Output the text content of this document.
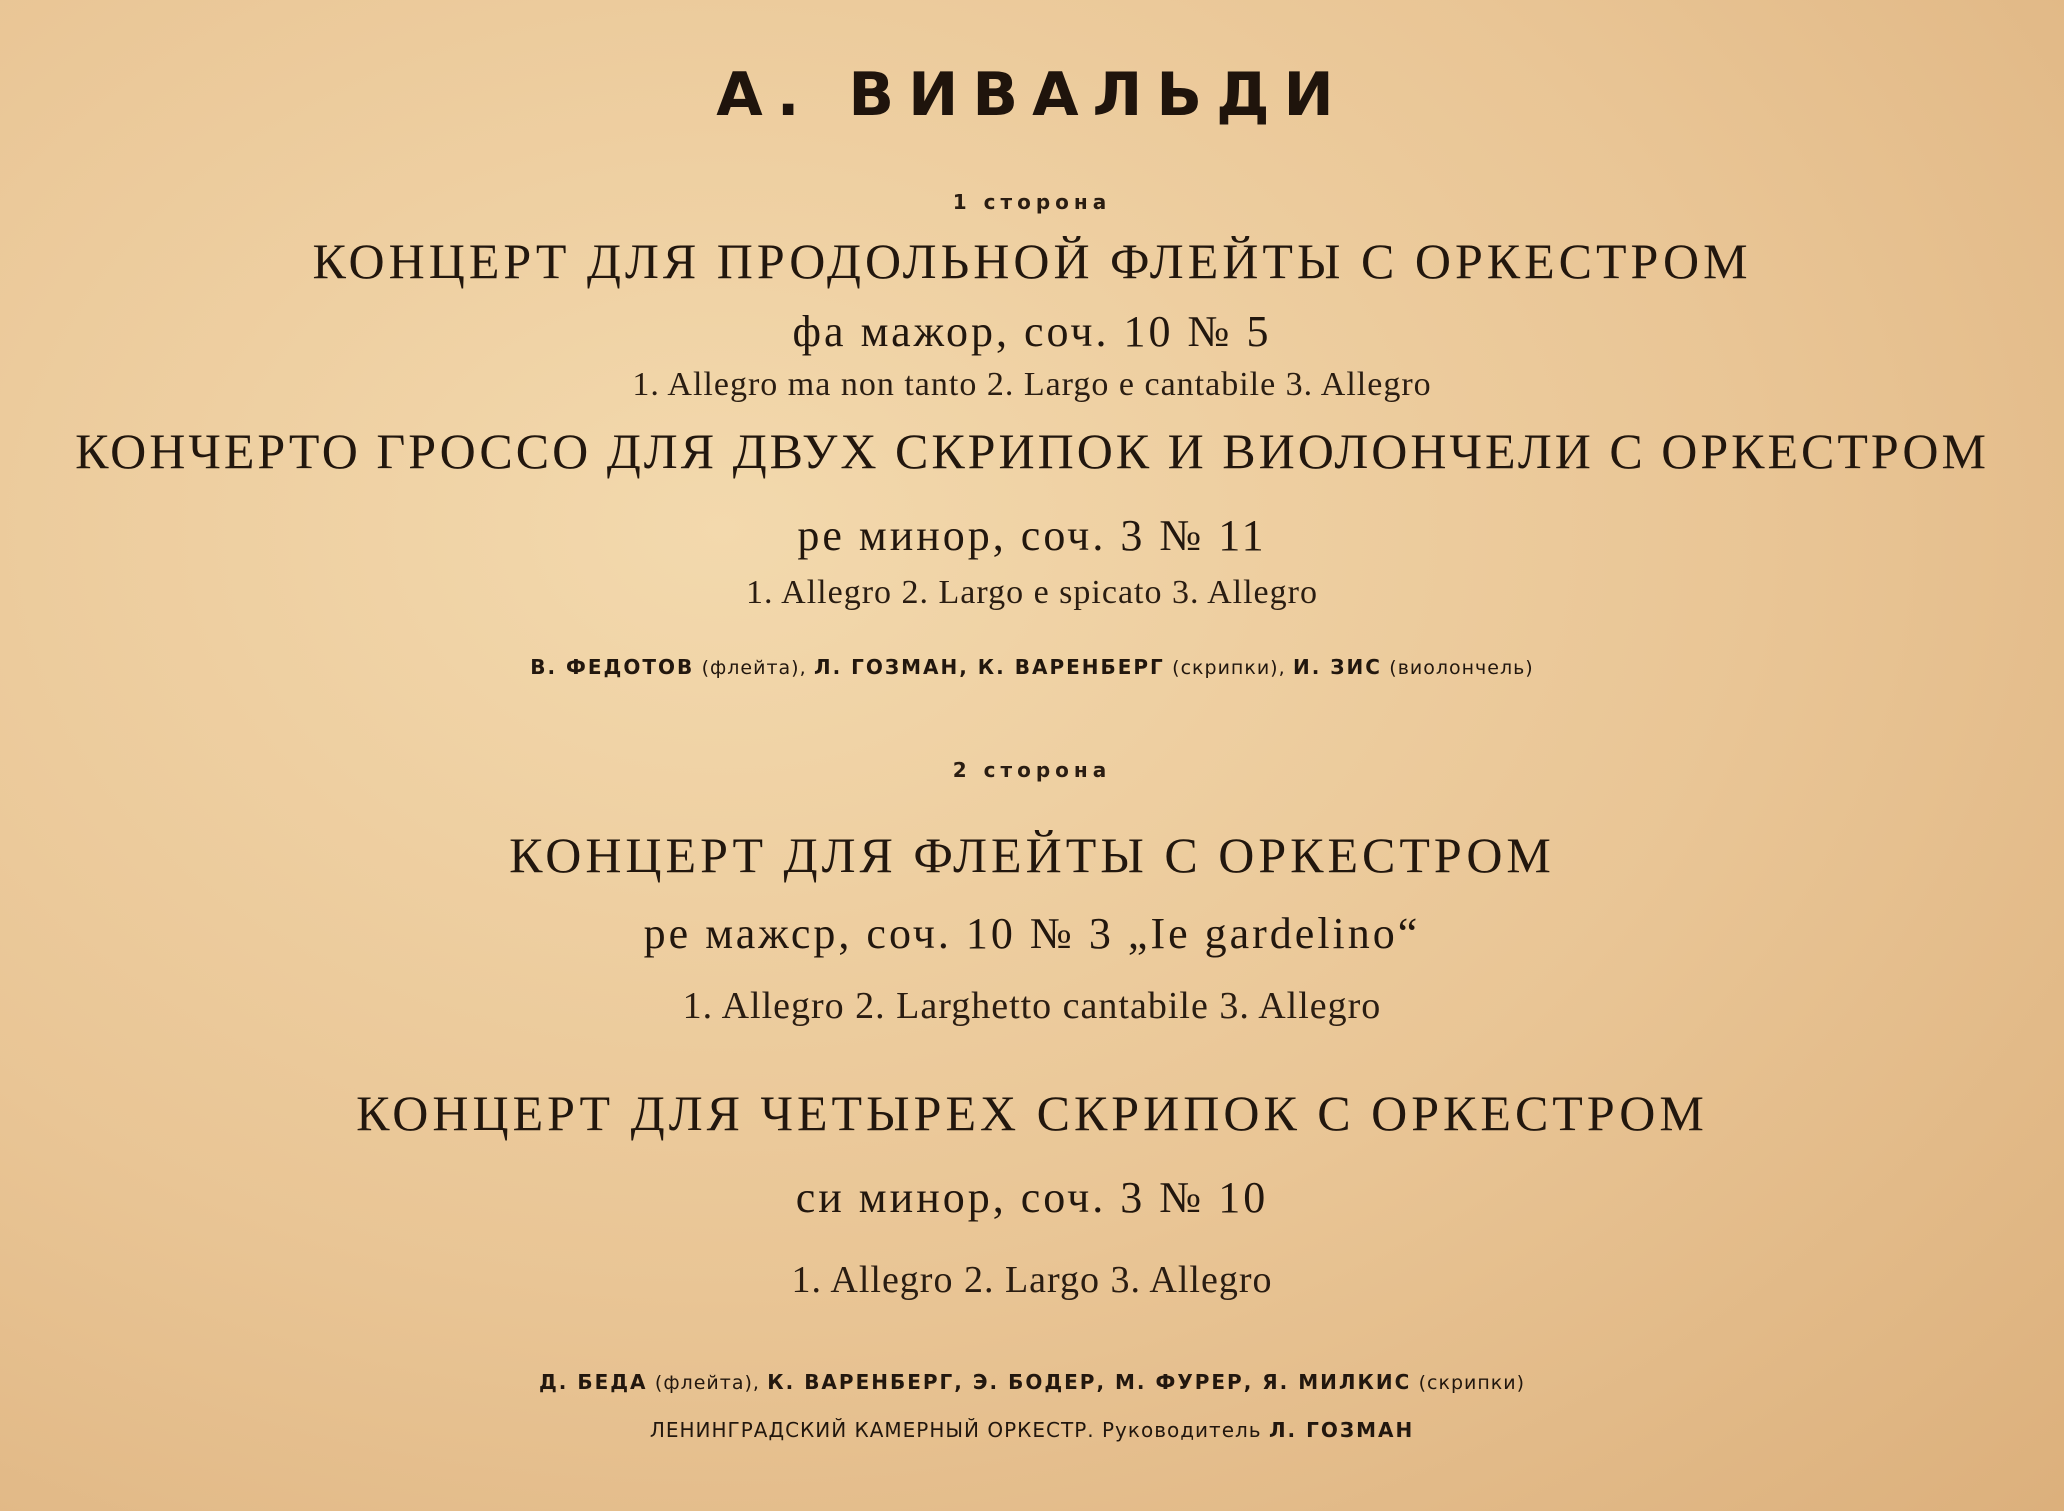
А. ВИВАЛЬДИ
1 сторона
КОНЦЕРТ ДЛЯ ПРОДОЛЬНОЙ ФЛЕЙТЫ С ОРКЕСТРОМ
фа мажор, соч. 10 № 5
1. Allegro ma non tanto 2. Largo e cantabile 3. Allegro
КОНЧЕРТО ГРОССО ДЛЯ ДВУХ СКРИПОК И ВИОЛОНЧЕЛИ С ОРКЕСТРОМ
ре минор, соч. 3 № 11
1. Allegro 2. Largo e spicato 3. Allegro
В. ФЕДОТОВ (флейта), Л. ГОЗМАН, К. ВАРЕНБЕРГ (скрипки), И. ЗИС (виолончель)
2 сторона
КОНЦЕРТ ДЛЯ ФЛЕЙТЫ С ОРКЕСТРОМ
ре мажср, соч. 10 № 3 „Ie gardelino“
1. Allegro 2. Larghetto cantabile 3. Allegro
КОНЦЕРТ ДЛЯ ЧЕТЫРЕХ СКРИПОК С ОРКЕСТРОМ
си минор, соч. 3 № 10
1. Allegro 2. Largo 3. Allegro
Д. БЕДА (флейта), К. ВАРЕНБЕРГ, Э. БОДЕР, М. ФУРЕР, Я. МИЛКИС (скрипки)
ЛЕНИНГРАДСКИЙ КАМЕРНЫЙ ОРКЕСТР. Руководитель Л. ГОЗМАН
